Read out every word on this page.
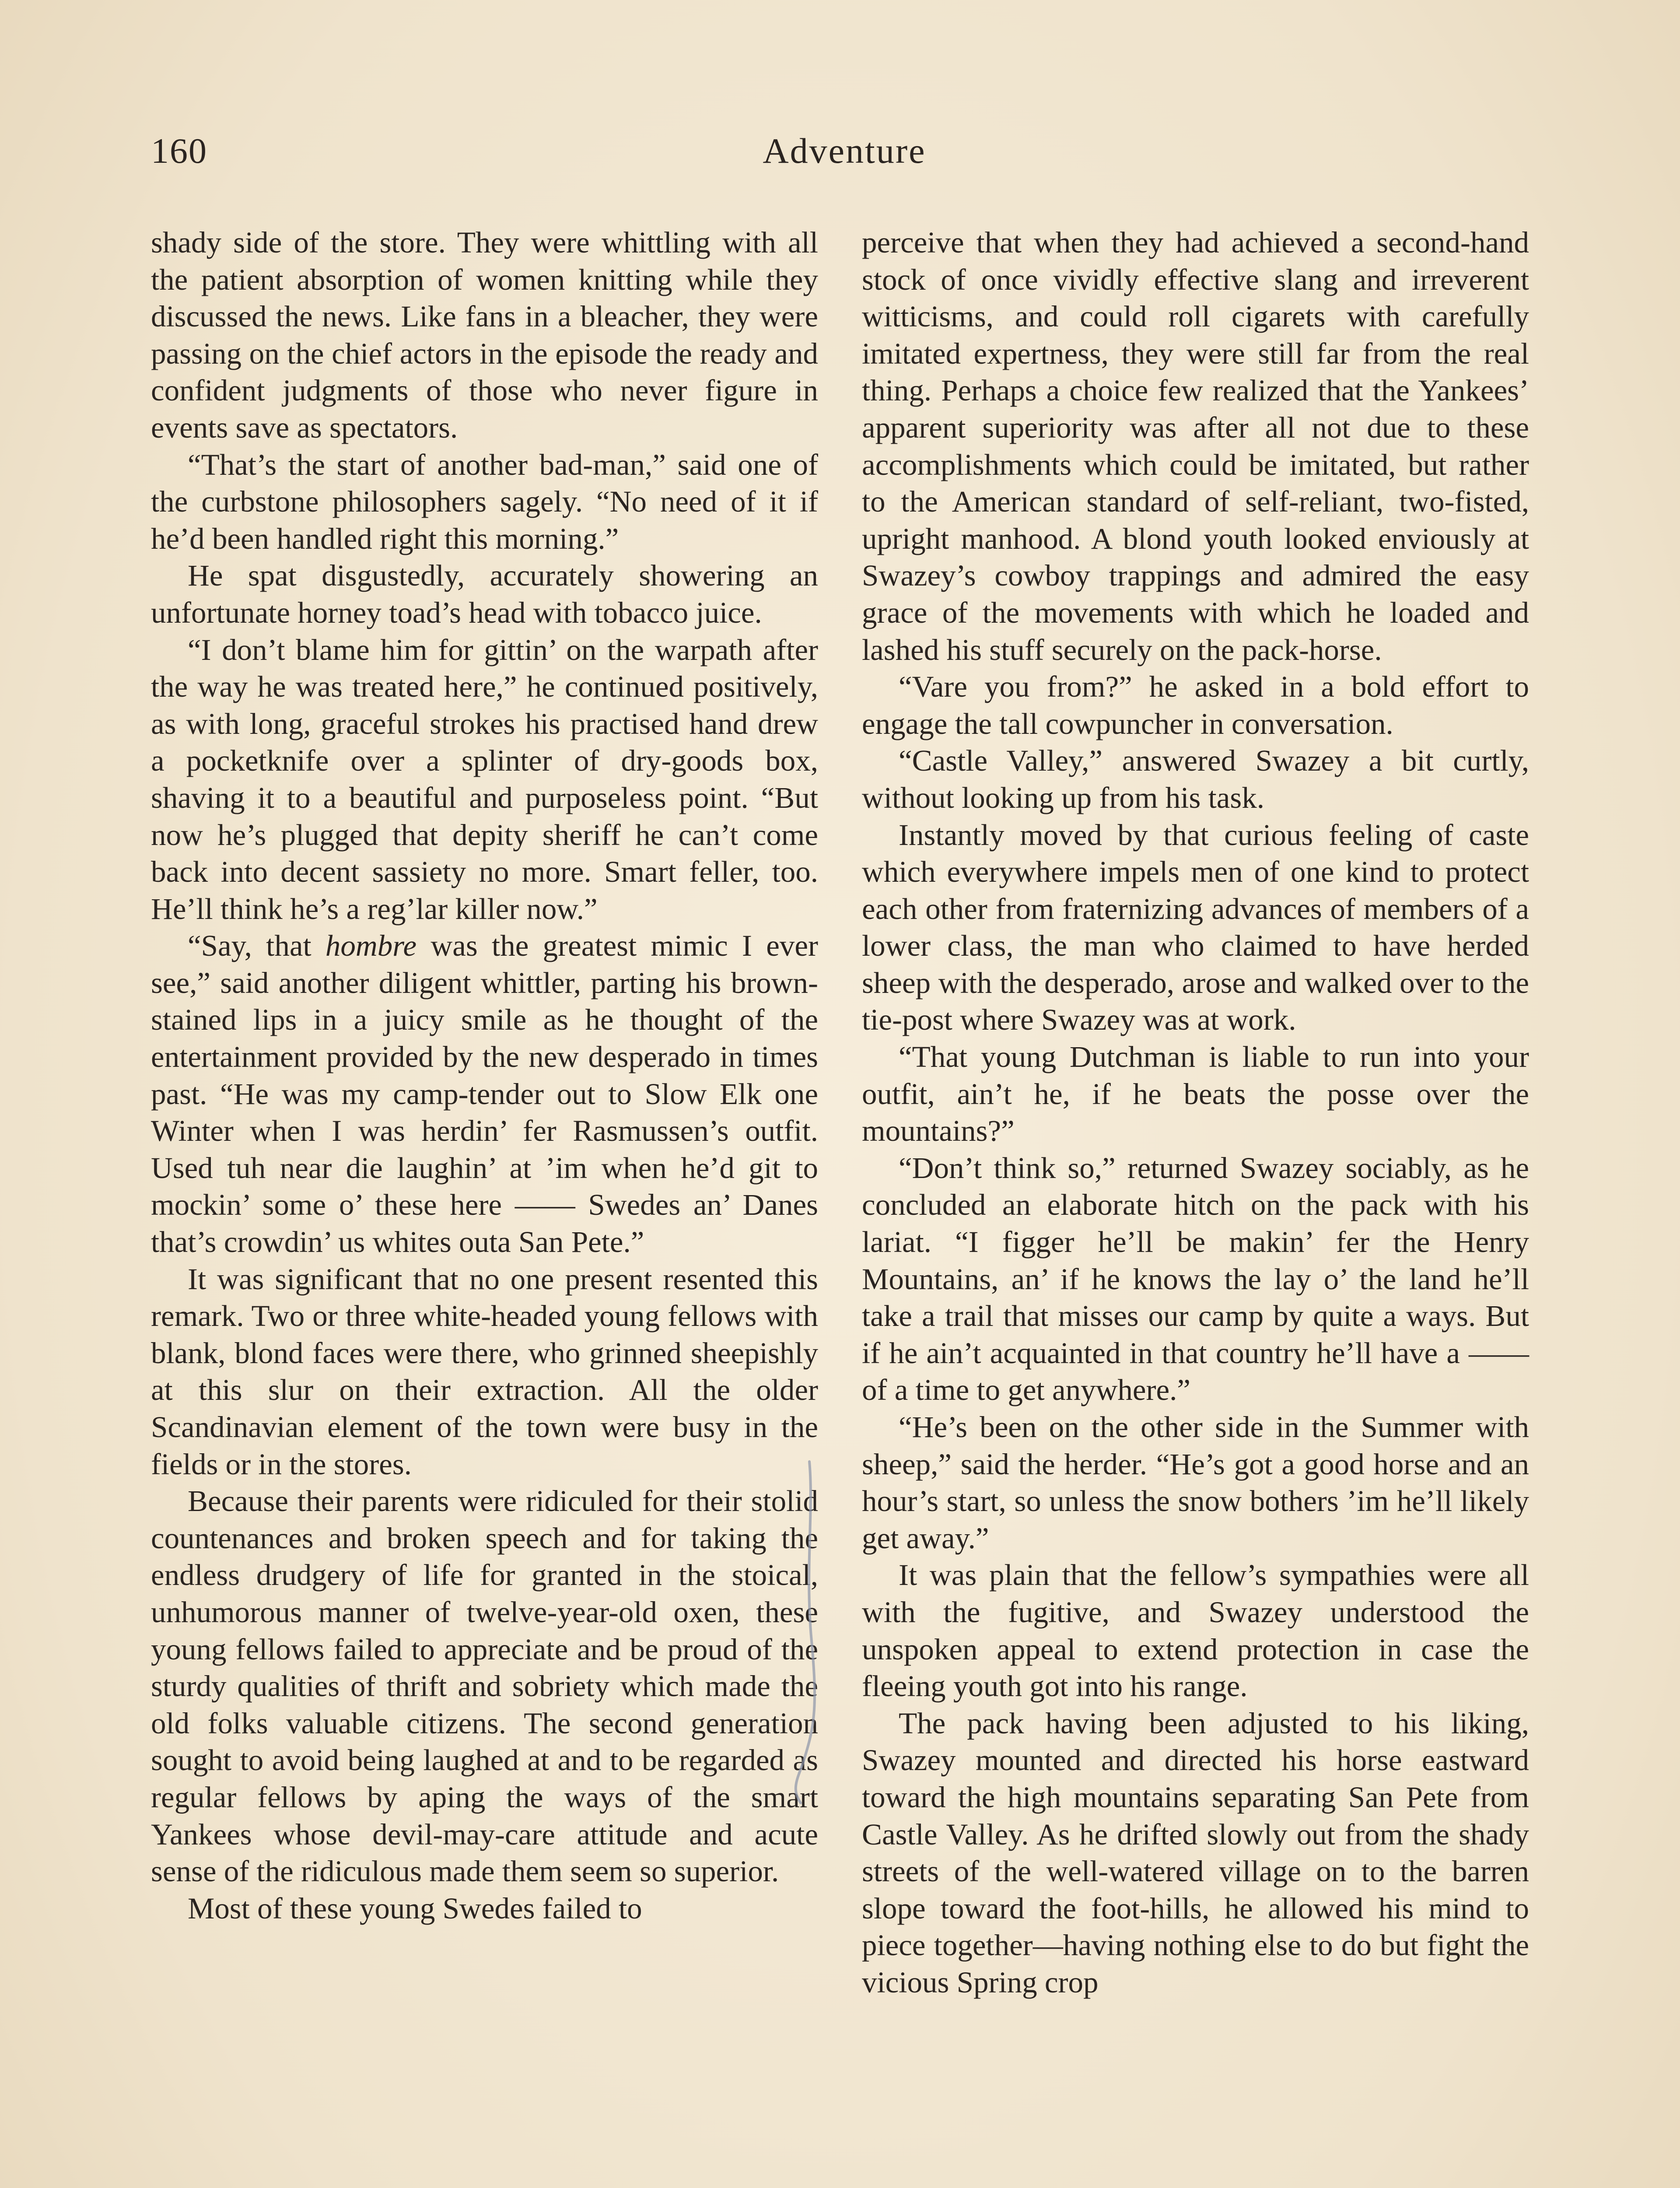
160	Adventure

shady side of the store. They were whittling with all the patient absorption of women knitting while they discussed the news. Like fans in a bleacher, they were passing on the chief actors in the episode the ready and confident judgments of those who never figure in events save as spectators.

“That’s the start of another bad-man,” said one of the curbstone philosophers sagely. “No need of it if he’d been handled right this morning.”

He spat disgustedly, accurately showering an unfortunate horney toad’s head with tobacco juice.

“I don’t blame him for gittin’ on the warpath after the way he was treated here,” he continued positively, as with long, graceful strokes his practised hand drew a pocketknife over a splinter of dry-goods box, shaving it to a beautiful and purposeless point. “But now he’s plugged that depity sheriff he can’t come back into decent sassiety no more. Smart feller, too. He’ll think he’s a reg’lar killer now.”

“Say, that hombre was the greatest mimic I ever see,” said another diligent whittler, parting his brown-stained lips in a juicy smile as he thought of the entertainment provided by the new desperado in times past. “He was my camp-tender out to Slow Elk one Winter when I was herdin’ fer Rasmussen’s outfit. Used tuh near die laughin’ at ’im when he’d git to mockin’ some o’ these here —— Swedes an’ Danes that’s crowdin’ us whites outa San Pete.”

It was significant that no one present resented this remark. Two or three white-headed young fellows with blank, blond faces were there, who grinned sheepishly at this slur on their extraction. All the older Scandinavian element of the town were busy in the fields or in the stores.

Because their parents were ridiculed for their stolid countenances and broken speech and for taking the endless drudgery of life for granted in the stoical, unhumorous manner of twelve-year-old oxen, these young fellows failed to appreciate and be proud of the sturdy qualities of thrift and sobriety which made the old folks valuable citizens. The second generation sought to avoid being laughed at and to be regarded as regular fellows by aping the ways of the smart Yankees whose devil-may-care attitude and acute sense of the ridiculous made them seem so superior.

Most of these young Swedes failed to

perceive that when they had achieved a second-hand stock of once vividly effective slang and irreverent witticisms, and could roll cigarets with carefully imitated expertness, they were still far from the real thing. Perhaps a choice few realized that the Yankees’ apparent superiority was after all not due to these accomplishments which could be imitated, but rather to the American standard of self-reliant, two-fisted, upright manhood. A blond youth looked enviously at Swazey’s cowboy trappings and admired the easy grace of the movements with which he loaded and lashed his stuff securely on the pack-horse.

“Vare you from?” he asked in a bold effort to engage the tall cowpuncher in conversation.

“Castle Valley,” answered Swazey a bit curtly, without looking up from his task.

Instantly moved by that curious feeling of caste which everywhere impels men of one kind to protect each other from fraternizing advances of members of a lower class, the man who claimed to have herded sheep with the desperado, arose and walked over to the tie-post where Swazey was at work.

“That young Dutchman is liable to run into your outfit, ain’t he, if he beats the posse over the mountains?”

“Don’t think so,” returned Swazey sociably, as he concluded an elaborate hitch on the pack with his lariat. “I figger he’ll be makin’ fer the Henry Mountains, an’ if he knows the lay o’ the land he’ll take a trail that misses our camp by quite a ways. But if he ain’t acquainted in that country he’ll have a —— of a time to get anywhere.”

“He’s been on the other side in the Summer with sheep,” said the herder. “He’s got a good horse and an hour’s start, so unless the snow bothers ’im he’ll likely get away.”

It was plain that the fellow’s sympathies were all with the fugitive, and Swazey understood the unspoken appeal to extend protection in case the fleeing youth got into his range.

The pack having been adjusted to his liking, Swazey mounted and directed his horse eastward toward the high mountains separating San Pete from Castle Valley. As he drifted slowly out from the shady streets of the well-watered village on to the barren slope toward the foot-hills, he allowed his mind to piece together—having nothing else to do but fight the vicious Spring crop
